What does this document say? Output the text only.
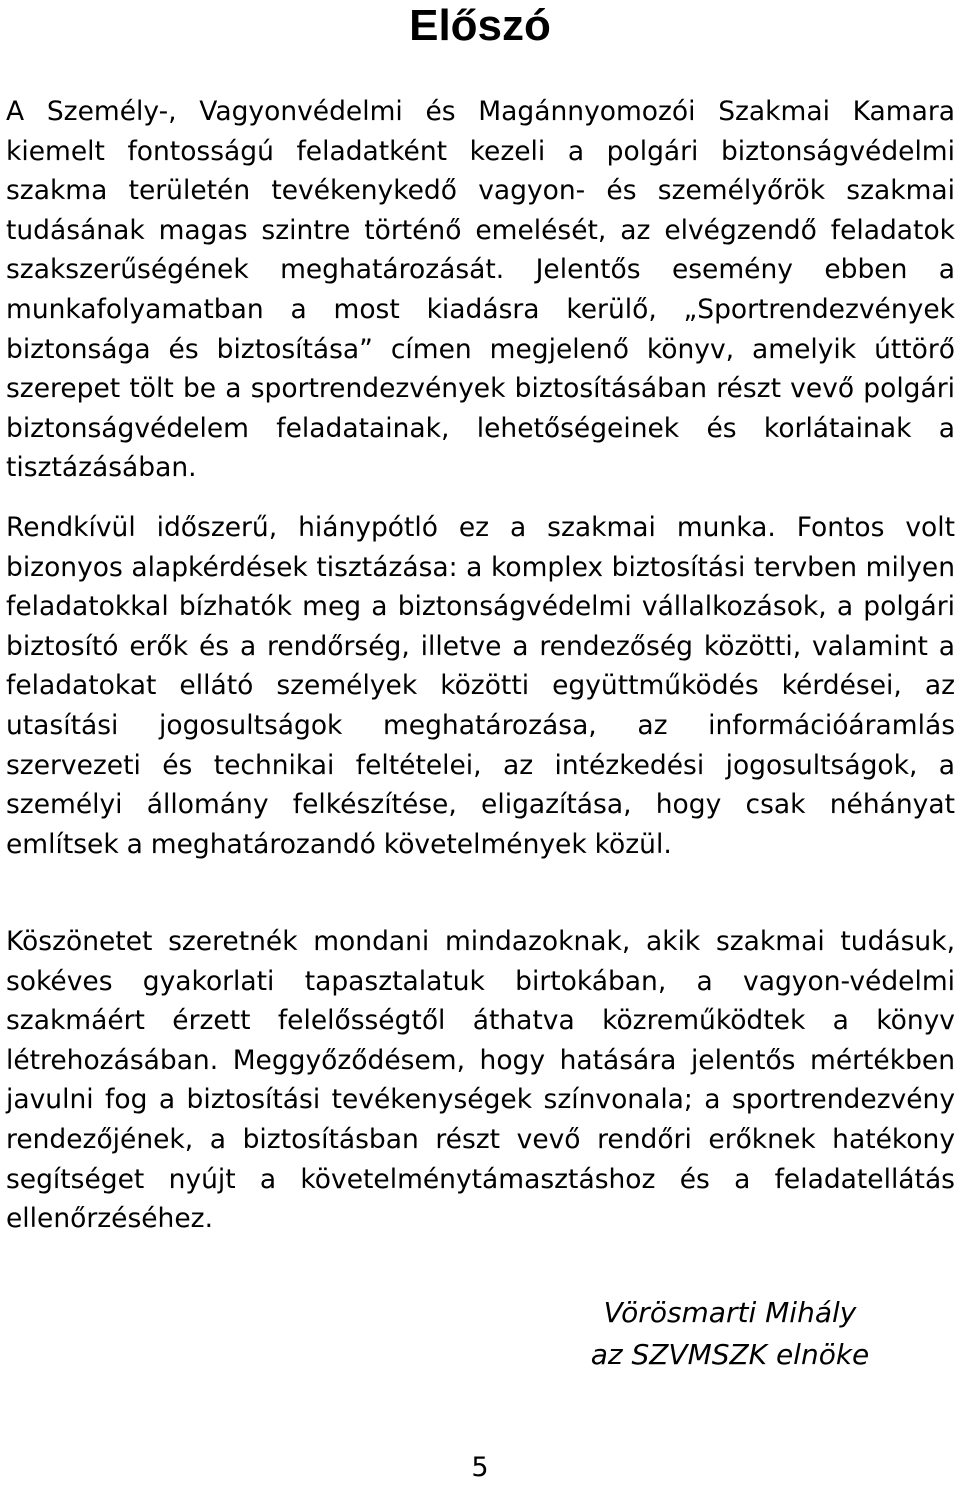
Előszó

A Személy-, Vagyonvédelmi és Magánnyomozói Szakmai Kamara kiemelt fontosságú feladatként kezeli a polgári biztonságvédelmi szakma területén tevékenykedő vagyon- és személyőrök szakmai tudásának magas szintre történő emelését, az elvégzendő feladatok szakszerűségének meghatározását. Jelentős esemény ebben a munkafolyamatban a most kiadásra kerülő, „Sportrendezvények biztonsága és biztosítása” címen megjelenő könyv, amelyik úttörő szerepet tölt be a sportrendezvények biztosításában részt vevő polgári biztonságvédelem feladatainak, lehetőségeinek és korlátainak a tisztázásában.

Rendkívül időszerű, hiánypótló ez a szakmai munka. Fontos volt bizonyos alapkérdések tisztázása: a komplex biztosítási tervben milyen feladatokkal bízhatók meg a biztonságvédelmi vállalkozások, a polgári biztosító erők és a rendőrség, illetve a rendezőség közötti, valamint a feladatokat ellátó személyek közötti együttműködés kérdései, az utasítási jogosultságok meghatározása, az információáramlás szervezeti és technikai feltételei, az intézkedési jogosultságok, a személyi állomány felkészítése, eligazítása, hogy csak néhányat említsek a meghatározandó követelmények közül.

Köszönetet szeretnék mondani mindazoknak, akik szakmai tudásuk, sokéves gyakorlati tapasztalatuk birtokában, a vagyon-védelmi szakmáért érzett felelősségtől áthatva közreműködtek a könyv létrehozásában. Meggyőződésem, hogy hatására jelentős mértékben javulni fog a biztosítási tevékenységek színvonala; a sportrendezvény rendezőjének, a biztosításban részt vevő rendőri erőknek hatékony segítséget nyújt a követelménytámasztáshoz és a feladatellátás ellenőrzéséhez.

Vörösmarti Mihály
az SZVMSZK elnöke
5
